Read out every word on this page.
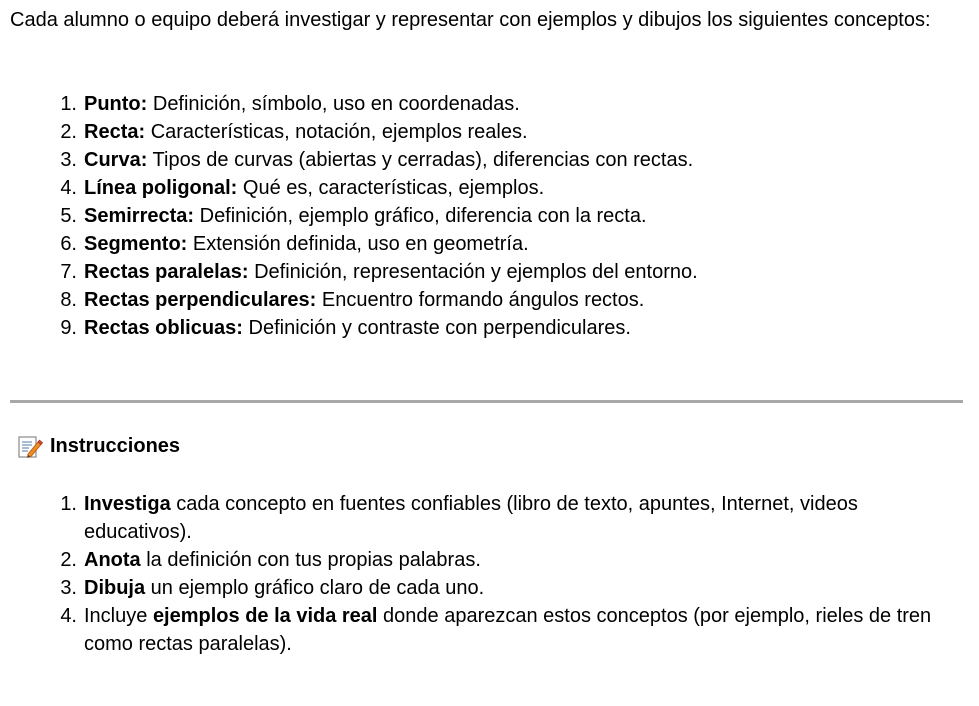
Cada alumno o equipo deberá investigar y representar con ejemplos y dibujos los siguientes conceptos:

1. Punto: Definición, símbolo, uso en coordenadas.
2. Recta: Características, notación, ejemplos reales.
3. Curva: Tipos de curvas (abiertas y cerradas), diferencias con rectas.
4. Línea poligonal: Qué es, características, ejemplos.
5. Semirrecta: Definición, ejemplo gráfico, diferencia con la recta.
6. Segmento: Extensión definida, uso en geometría.
7. Rectas paralelas: Definición, representación y ejemplos del entorno.
8. Rectas perpendiculares: Encuentro formando ángulos rectos.
9. Rectas oblicuas: Definición y contraste con perpendiculares.
Instrucciones
1. Investiga cada concepto en fuentes confiables (libro de texto, apuntes, Internet, videos educativos).
2. Anota la definición con tus propias palabras.
3. Dibuja un ejemplo gráfico claro de cada uno.
4. Incluye ejemplos de la vida real donde aparezcan estos conceptos (por ejemplo, rieles de tren como rectas paralelas).
